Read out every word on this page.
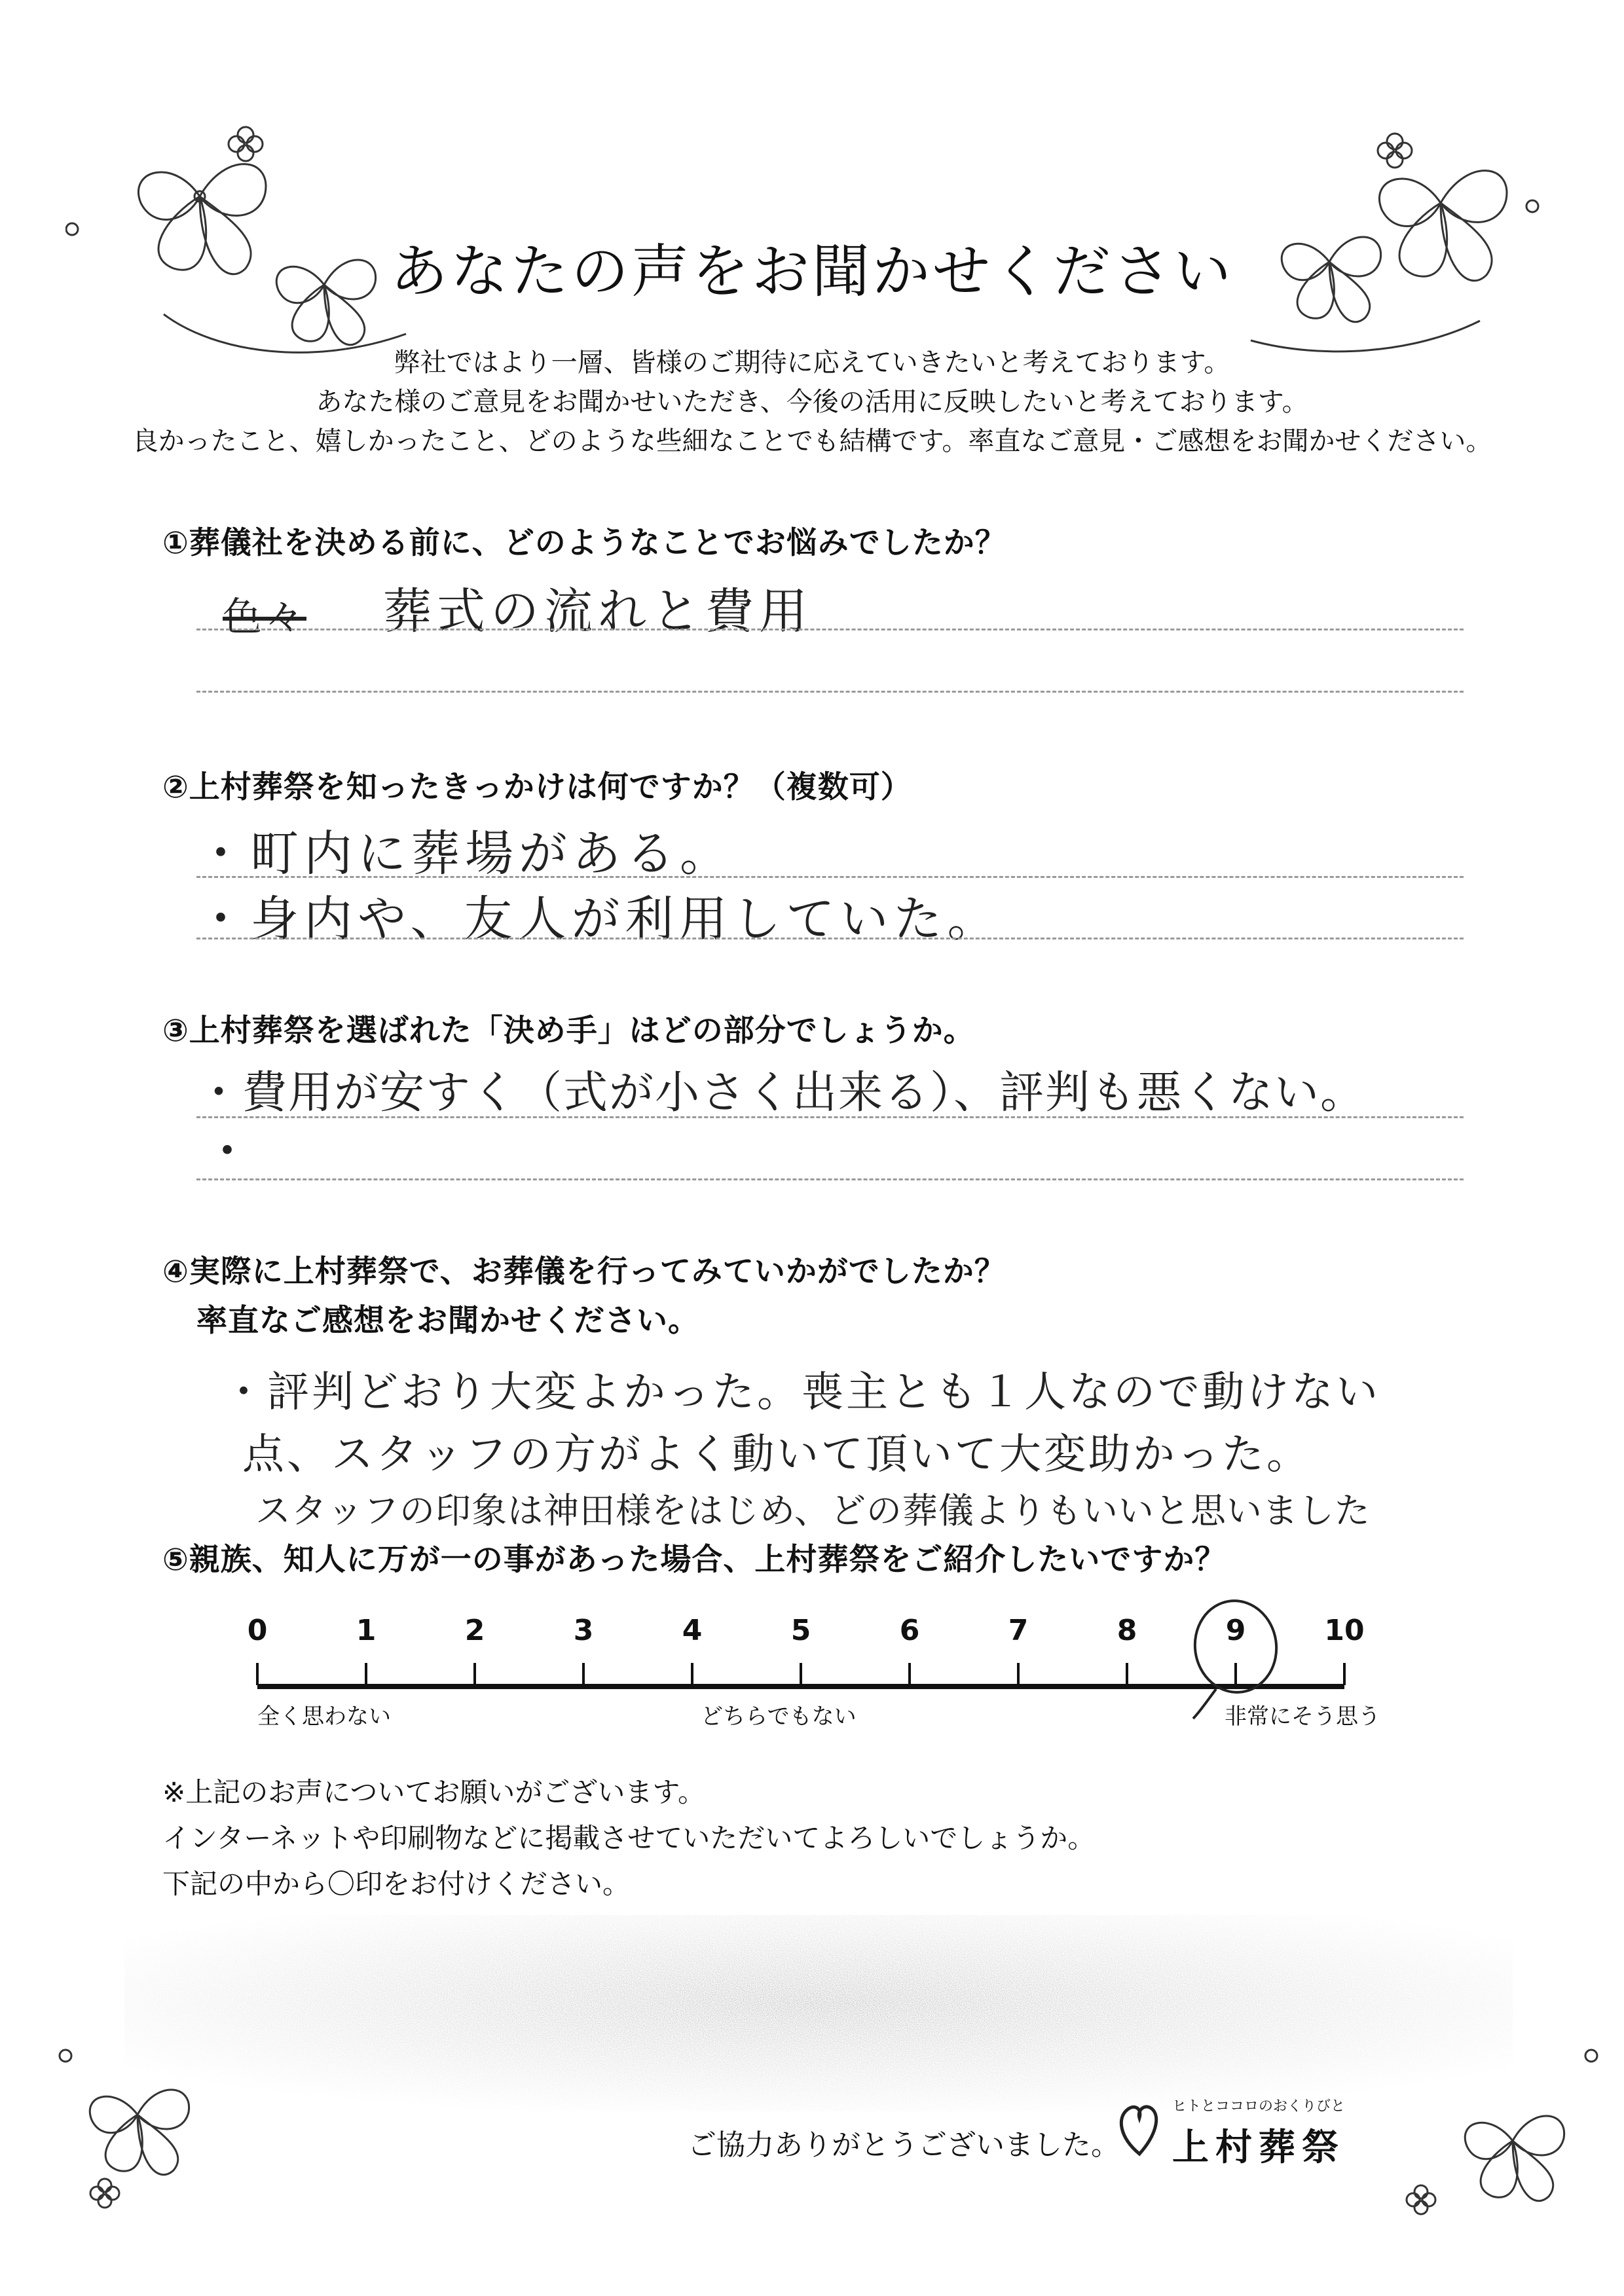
あなたの声をお聞かせください
弊社ではより一層、皆様のご期待に応えていきたいと考えております。
あなた様のご意見をお聞かせいただき、今後の活用に反映したいと考えております。
良かったこと、嬉しかったこと、どのような些細なことでも結構です。率直なご意見・ご感想をお聞かせください。
①葬儀社を決める前に、どのようなことでお悩みでしたか？
色々 葬式の流れと費用
②上村葬祭を知ったきっかけは何ですか？（複数可）
・町内に葬場がある。
・身内や、友人が利用していた。
③上村葬祭を選ばれた「決め手」はどの部分でしょうか。
・費用が安すく（式が小さく出来る）、評判も悪くない。
・
④実際に上村葬祭で、お葬儀を行ってみていかがでしたか？
率直なご感想をお聞かせください。
・評判どおり大変よかった。喪主とも１人なので動けない
点、スタッフの方がよく動いて頂いて大変助かった。
スタッフの印象は神田様をはじめ、どの葬儀よりもいいと思いました
⑤親族、知人に万が一の事があった場合、上村葬祭をご紹介したいですか？
0	1	2	3	4	5	6	7	8	9	10
全く思わない	どちらでもない	非常にそう思う
※上記のお声についてお願いがございます。
インターネットや印刷物などに掲載させていただいてよろしいでしょうか。
下記の中から〇印をお付けください。
ご協力ありがとうございました。
ヒトとココロのおくりびと
上村葬祭
